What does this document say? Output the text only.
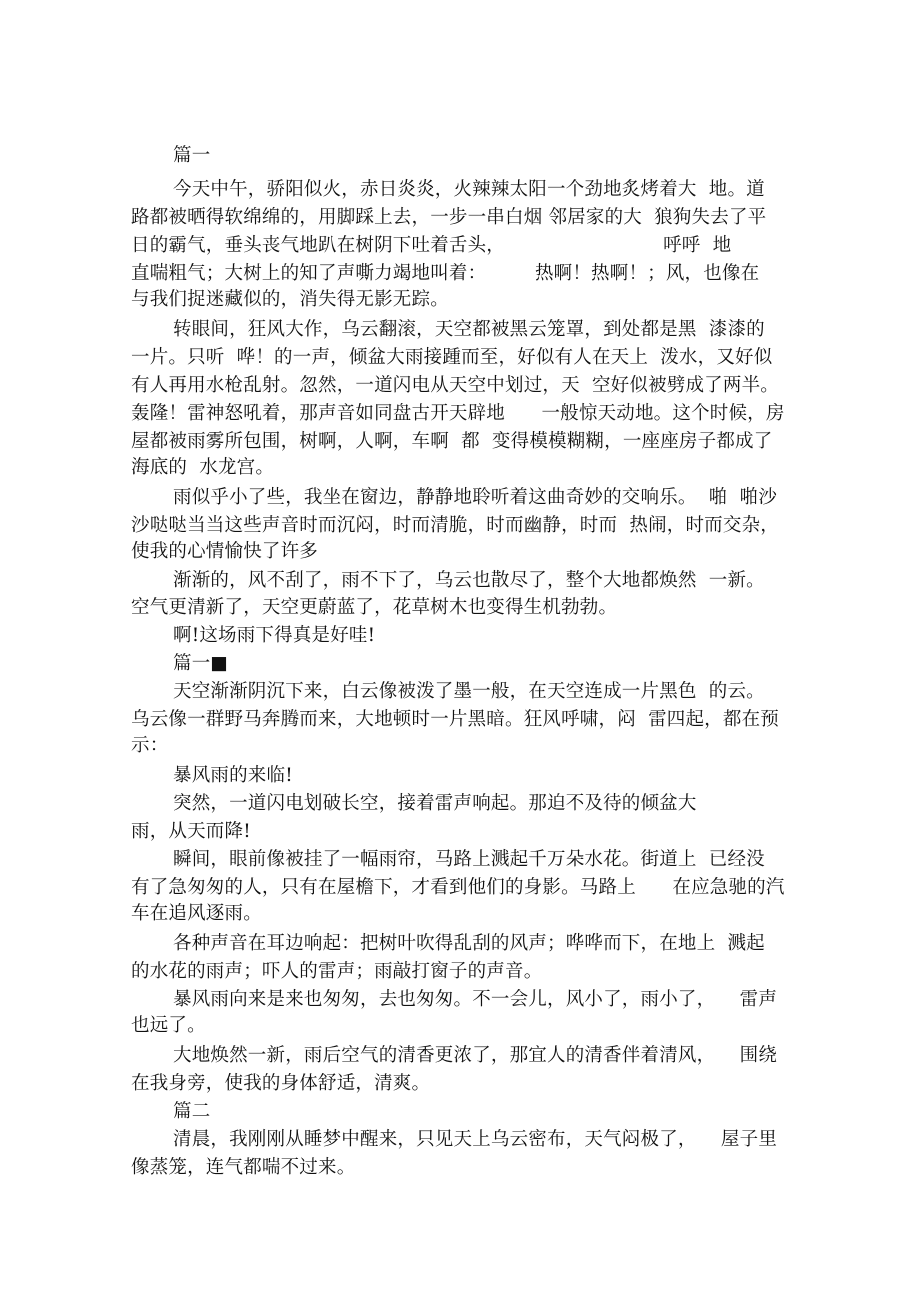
篇一
今天中午，骄阳似火，赤日炎炎，火辣辣太阳一个劲地炙烤着大  地。道
路都被晒得软绵绵的，用脚踩上去，一步一串白烟 邻居家的大  狼狗失去了平
日的霸气，垂头丧气地趴在树阴下吐着舌头，                          呼呼  地
直喘粗气；大树上的知了声嘶力竭地叫着：        热啊！热啊！；风，也像在
与我们捉迷藏似的，消失得无影无踪。
转眼间，狂风大作，乌云翻滚，天空都被黑云笼罩，到处都是黑  漆漆的
一片。只听  哗！的一声，倾盆大雨接踵而至，好似有人在天上  泼水，又好似
有人再用水枪乱射。忽然，一道闪电从天空中划过，天  空好似被劈成了两半。
轰隆！雷神怒吼着，那声音如同盘古开天辟地      一般惊天动地。这个时候，房
屋都被雨雾所包围，树啊，人啊，车啊  都  变得模模糊糊，一座座房子都成了
海底的  水龙宫。
雨似乎小了些，我坐在窗边，静静地聆听着这曲奇妙的交响乐。  啪  啪沙
沙哒哒当当这些声音时而沉闷，时而清脆，时而幽静，时而  热闹，时而交杂，
使我的心情愉快了许多
渐渐的，风不刮了，雨不下了，乌云也散尽了，整个大地都焕然  一新。
空气更清新了，天空更蔚蓝了，花草树木也变得生机勃勃。
啊!这场雨下得真是好哇!
篇一■
天空渐渐阴沉下来，白云像被泼了墨一般，在天空连成一片黑色  的云。
乌云像一群野马奔腾而来，大地顿时一片黑暗。狂风呼啸，闷  雷四起，都在预
示：
暴风雨的来临!
突然，一道闪电划破长空，接着雷声响起。那迫不及待的倾盆大
雨，从天而降!
瞬间，眼前像被挂了一幅雨帘，马路上溅起千万朵水花。街道上  已经没
有了急匆匆的人，只有在屋檐下，才看到他们的身影。马路上      在应急驰的汽
车在追风逐雨。
各种声音在耳边响起：把树叶吹得乱刮的风声；哗哗而下，在地上  溅起
的水花的雨声；吓人的雷声；雨敲打窗子的声音。
暴风雨向来是来也匆匆，去也匆匆。不一会儿，风小了，雨小了，    雷声
也远了。
大地焕然一新，雨后空气的清香更浓了，那宜人的清香伴着清风，    围绕
在我身旁，使我的身体舒适，清爽。
篇二
清晨，我刚刚从睡梦中醒来，只见天上乌云密布，天气闷极了，    屋子里
像蒸笼，连气都喘不过来。
